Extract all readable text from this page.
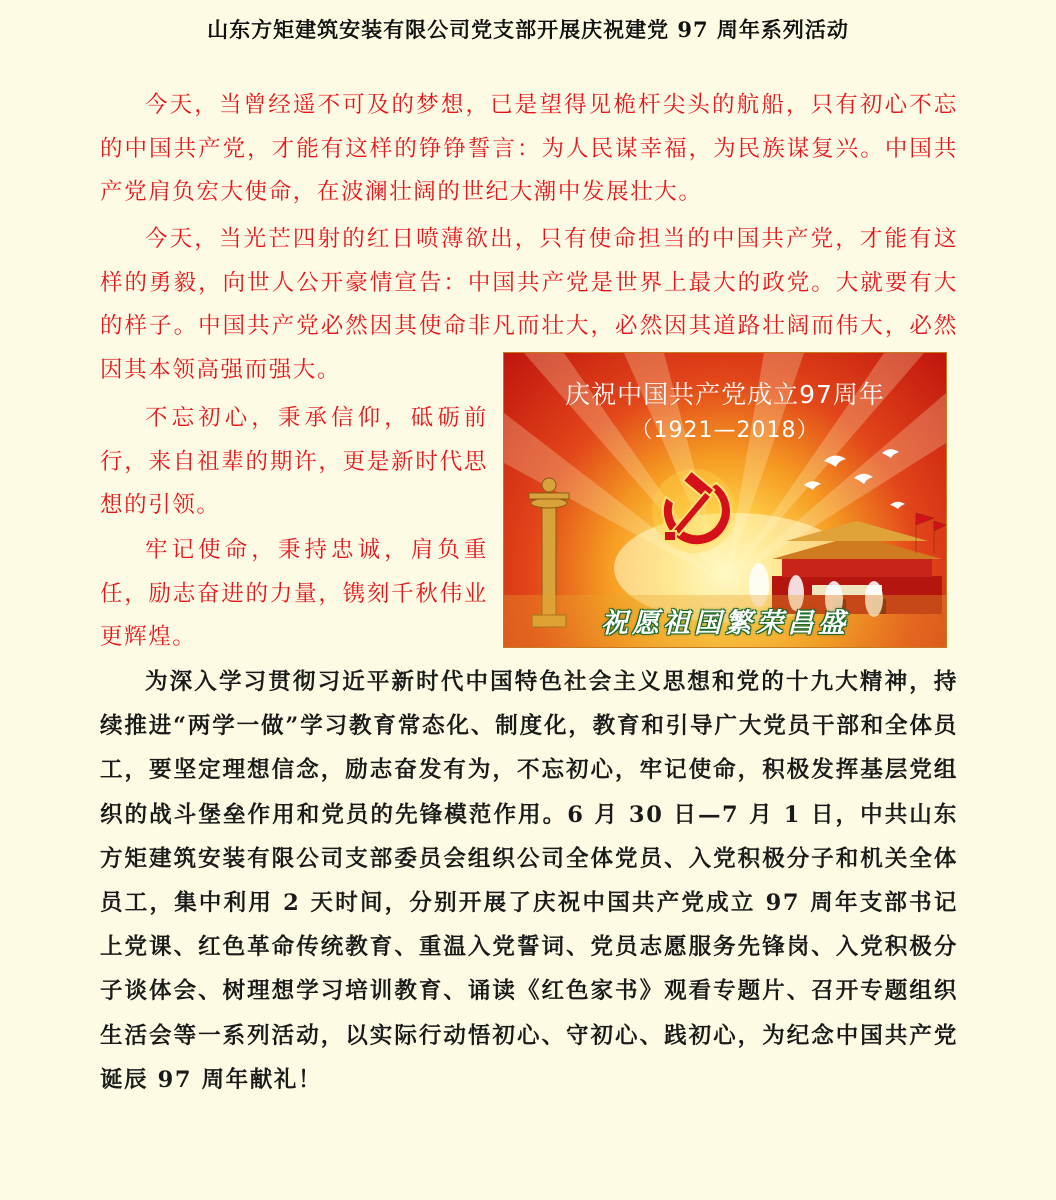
山东方矩建筑安装有限公司党支部开展庆祝建党 97 周年系列活动

今天，当曾经遥不可及的梦想，已是望得见桅杆尖头的航船，只有初心不忘的中国共产党，才能有这样的铮铮誓言：为人民谋幸福，为民族谋复兴。中国共产党肩负宏大使命，在波澜壮阔的世纪大潮中发展壮大。

今天，当光芒四射的红日喷薄欲出，只有使命担当的中国共产党，才能有这样的勇毅，向世人公开豪情宣告：中国共产党是世界上最大的政党。大就要有大的样子。中国共产党必然因其使命非凡而壮大，必然因其道路壮阔而伟大，必然因其本领高强而强大。

不忘初心，秉承信仰，砥砺前行，来自祖辈的期许，更是新时代思想的引领。

牢记使命，秉持忠诚，肩负重任，励志奋进的力量，镌刻千秋伟业更辉煌。

为深入学习贯彻习近平新时代中国特色社会主义思想和党的十九大精神，持续推进“两学一做”学习教育常态化、制度化，教育和引导广大党员干部和全体员工，要坚定理想信念，励志奋发有为，不忘初心，牢记使命，积极发挥基层党组织的战斗堡垒作用和党员的先锋模范作用。6 月 30 日—7 月 1 日，中共山东方矩建筑安装有限公司支部委员会组织公司全体党员、入党积极分子和机关全体员工，集中利用 2 天时间，分别开展了庆祝中国共产党成立 97 周年支部书记上党课、红色革命传统教育、重温入党誓词、党员志愿服务先锋岗、入党积极分子谈体会、树理想学习培训教育、诵读《红色家书》观看专题片、召开专题组织生活会等一系列活动，以实际行动悟初心、守初心、践初心，为纪念中国共产党诞辰 97 周年献礼！

庆祝中国共产党成立97周年
（1921—2018）
祝愿祖国繁荣昌盛
